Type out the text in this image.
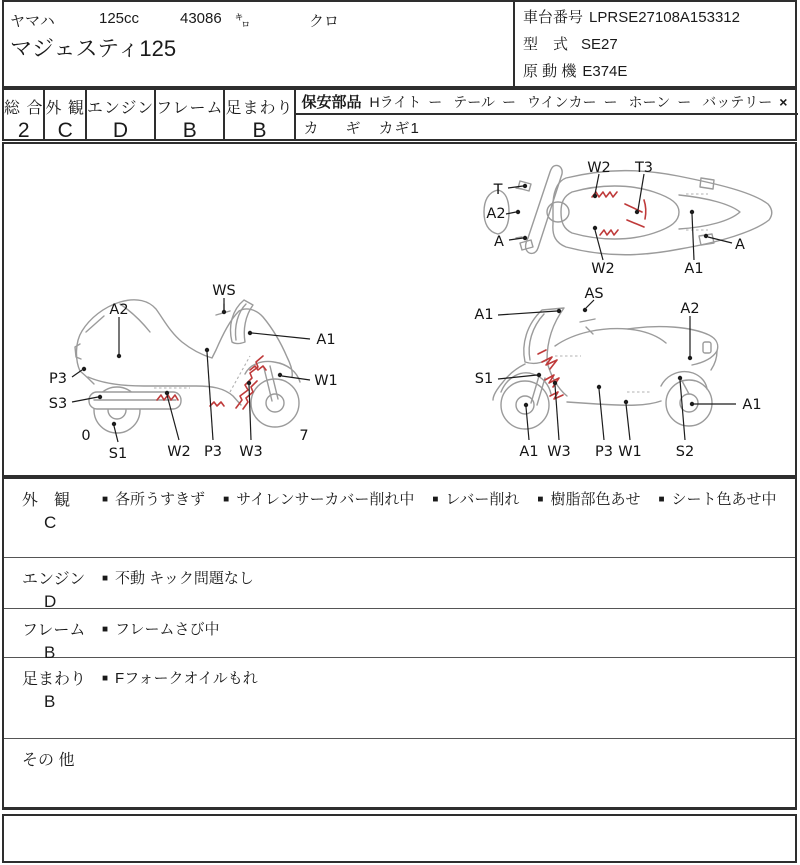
ヤマハ	125cc	43086 ㌔	クロ
マジェスティ125
車台番号 LPRSE27108A153312
型　式 SE27
原 動 機 E374E
総 合
2
外 観
C
エンジン
D
フレーム
B
足まわり
B
保安部品 Hライト ー テール ー ウインカー ー ホーン ー バッテリー ×
カ　ギ カギ1
W2 T3
T
A2
A
W2	A1
A
WS
A2
A1
P3
S3
W1
0
S1	W2 P3 W3
7
AS
A1	A2
S1
A1
A1 W3 P3 W1 S2
外　観
C
■ 各所うすきず ■ サイレンサーカバー削れ中 ■ レバー削れ ■ 樹脂部色あせ ■ シート色あせ中
エンジン
D
■ 不動 キック問題なし
フレーム
B
■ フレームさび中
足まわり
B
■ Fフォークオイルもれ
その 他
